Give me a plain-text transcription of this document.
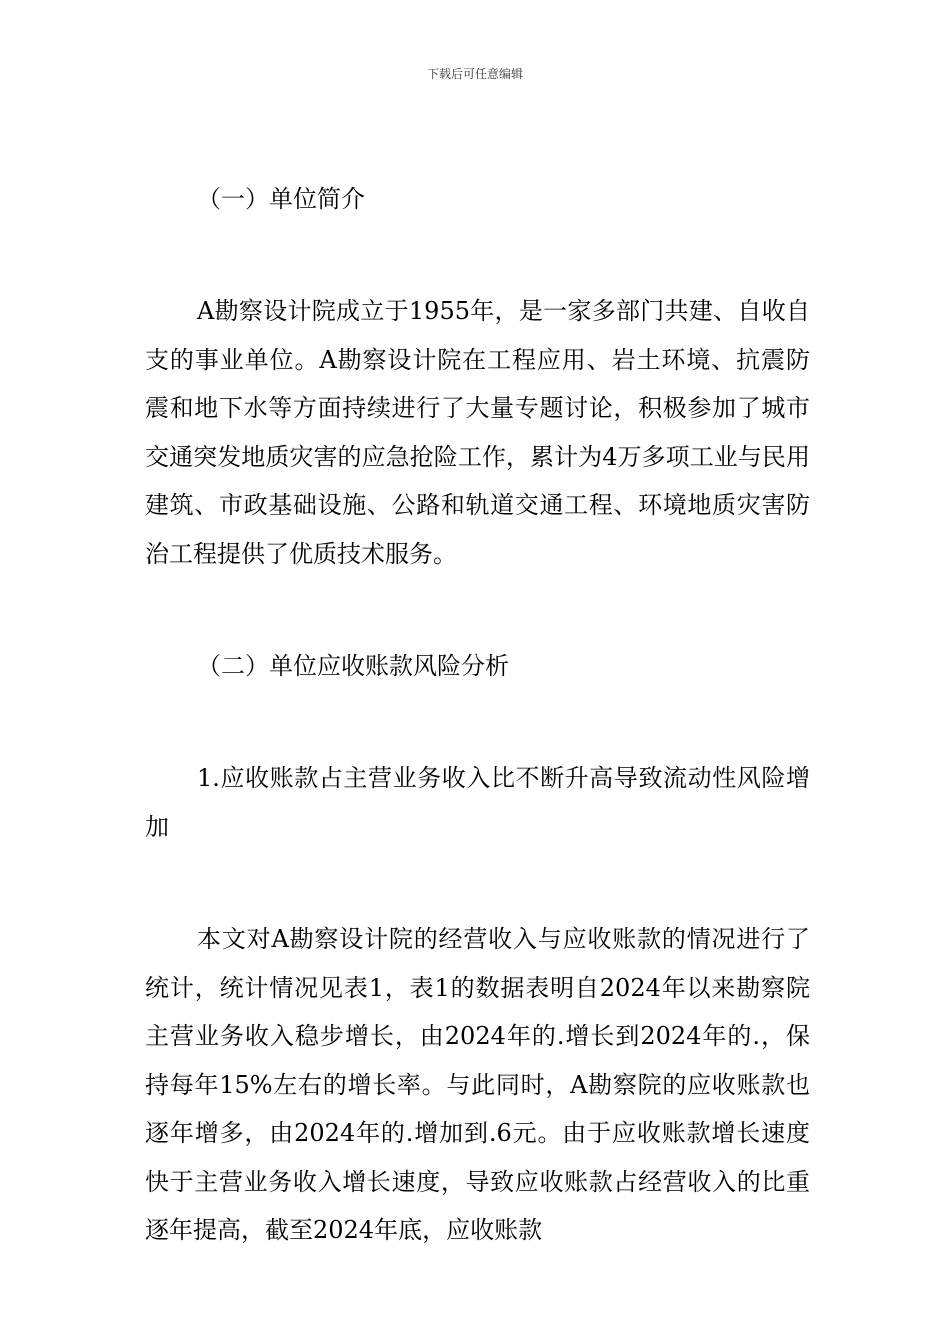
下载后可任意编辑
（一）单位简介

A勘察设计院成立于1955年，是一家多部门共建、自收自支的事业单位。A勘察设计院在工程应用、岩土环境、抗震防震和地下水等方面持续进行了大量专题讨论，积极参加了城市交通突发地质灾害的应急抢险工作，累计为4万多项工业与民用建筑、市政基础设施、公路和轨道交通工程、环境地质灾害防治工程提供了优质技术服务。

（二）单位应收账款风险分析

1.应收账款占主营业务收入比不断升高导致流动性风险增加

本文对A勘察设计院的经营收入与应收账款的情况进行了统计，统计情况见表1，表1的数据表明自2024年以来勘察院主营业务收入稳步增长，由2024年的.增长到2024年的.，保持每年15%左右的增长率。与此同时，A勘察院的应收账款也逐年增多，由2024年的.增加到.6元。由于应收账款增长速度快于主营业务收入增长速度，导致应收账款占经营收入的比重逐年提高，截至2024年底，应收账款
